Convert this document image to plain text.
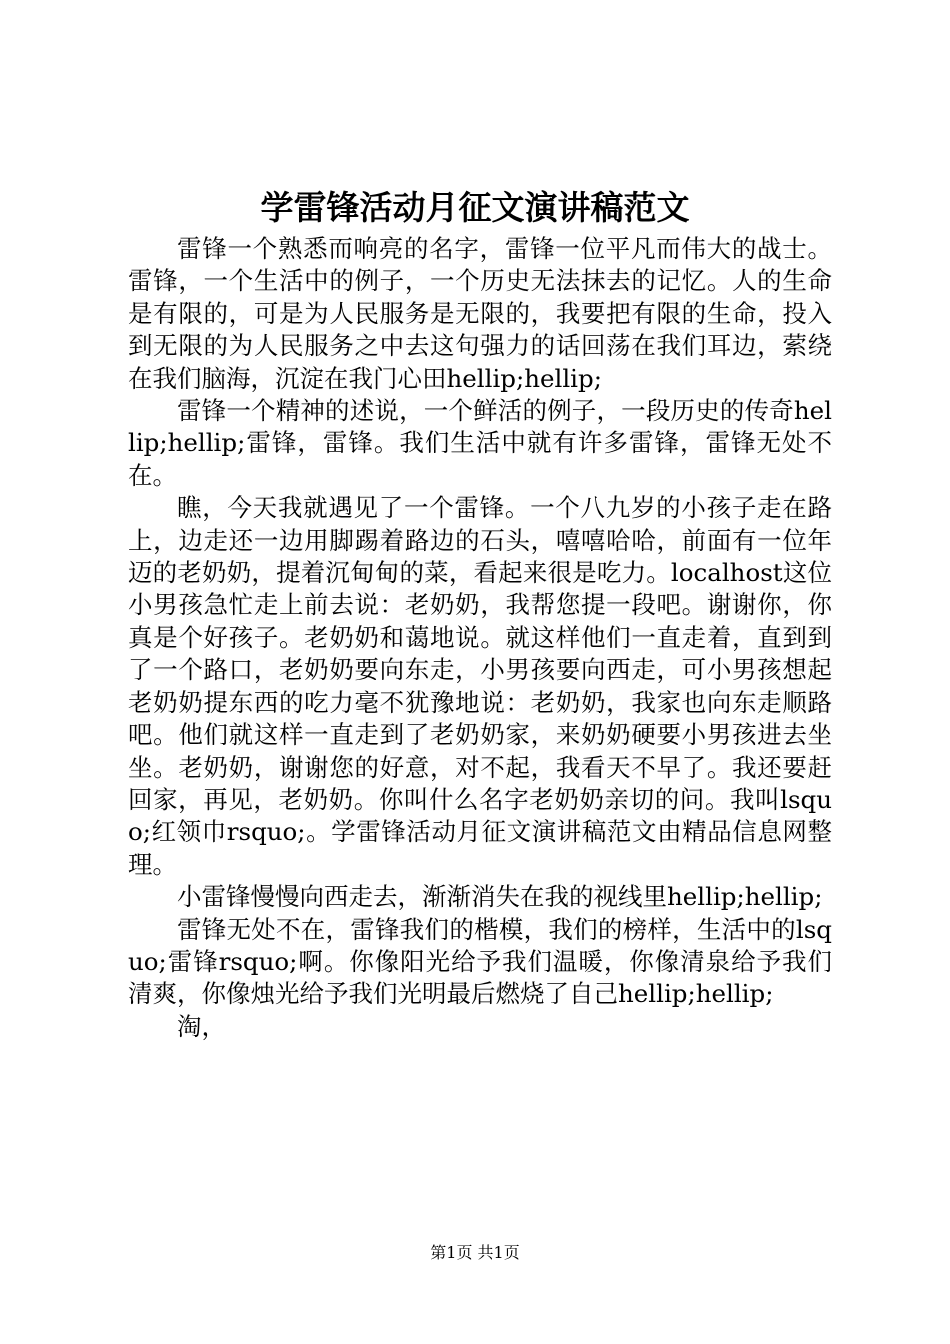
学雷锋活动月征文演讲稿范文

雷锋一个熟悉而响亮的名字，雷锋一位平凡而伟大的战士。雷锋，一个生活中的例子，一个历史无法抹去的记忆。人的生命是有限的，可是为人民服务是无限的，我要把有限的生命，投入到无限的为人民服务之中去这句强力的话回荡在我们耳边，萦绕在我们脑海，沉淀在我门心田hellip;hellip;

雷锋一个精神的述说，一个鲜活的例子，一段历史的传奇hellip;hellip;雷锋，雷锋。我们生活中就有许多雷锋，雷锋无处不在。

瞧，今天我就遇见了一个雷锋。一个八九岁的小孩子走在路上，边走还一边用脚踢着路边的石头，嘻嘻哈哈，前面有一位年迈的老奶奶，提着沉甸甸的菜，看起来很是吃力。localhost这位小男孩急忙走上前去说：老奶奶，我帮您提一段吧。谢谢你，你真是个好孩子。老奶奶和蔼地说。就这样他们一直走着，直到到了一个路口，老奶奶要向东走，小男孩要向西走，可小男孩想起老奶奶提东西的吃力毫不犹豫地说：老奶奶，我家也向东走顺路吧。他们就这样一直走到了老奶奶家，来奶奶硬要小男孩进去坐坐。老奶奶，谢谢您的好意，对不起，我看天不早了。我还要赶回家，再见，老奶奶。你叫什么名字老奶奶亲切的问。我叫lsquo;红领巾rsquo;。学雷锋活动月征文演讲稿范文由精品信息网整理。

小雷锋慢慢向西走去，渐渐消失在我的视线里hellip;hellip;

雷锋无处不在，雷锋我们的楷模，我们的榜样，生活中的lsquo;雷锋rsquo;啊。你像阳光给予我们温暖，你像清泉给予我们清爽，你像烛光给予我们光明最后燃烧了自己hellip;hellip;

淘，

第1页 共1页
